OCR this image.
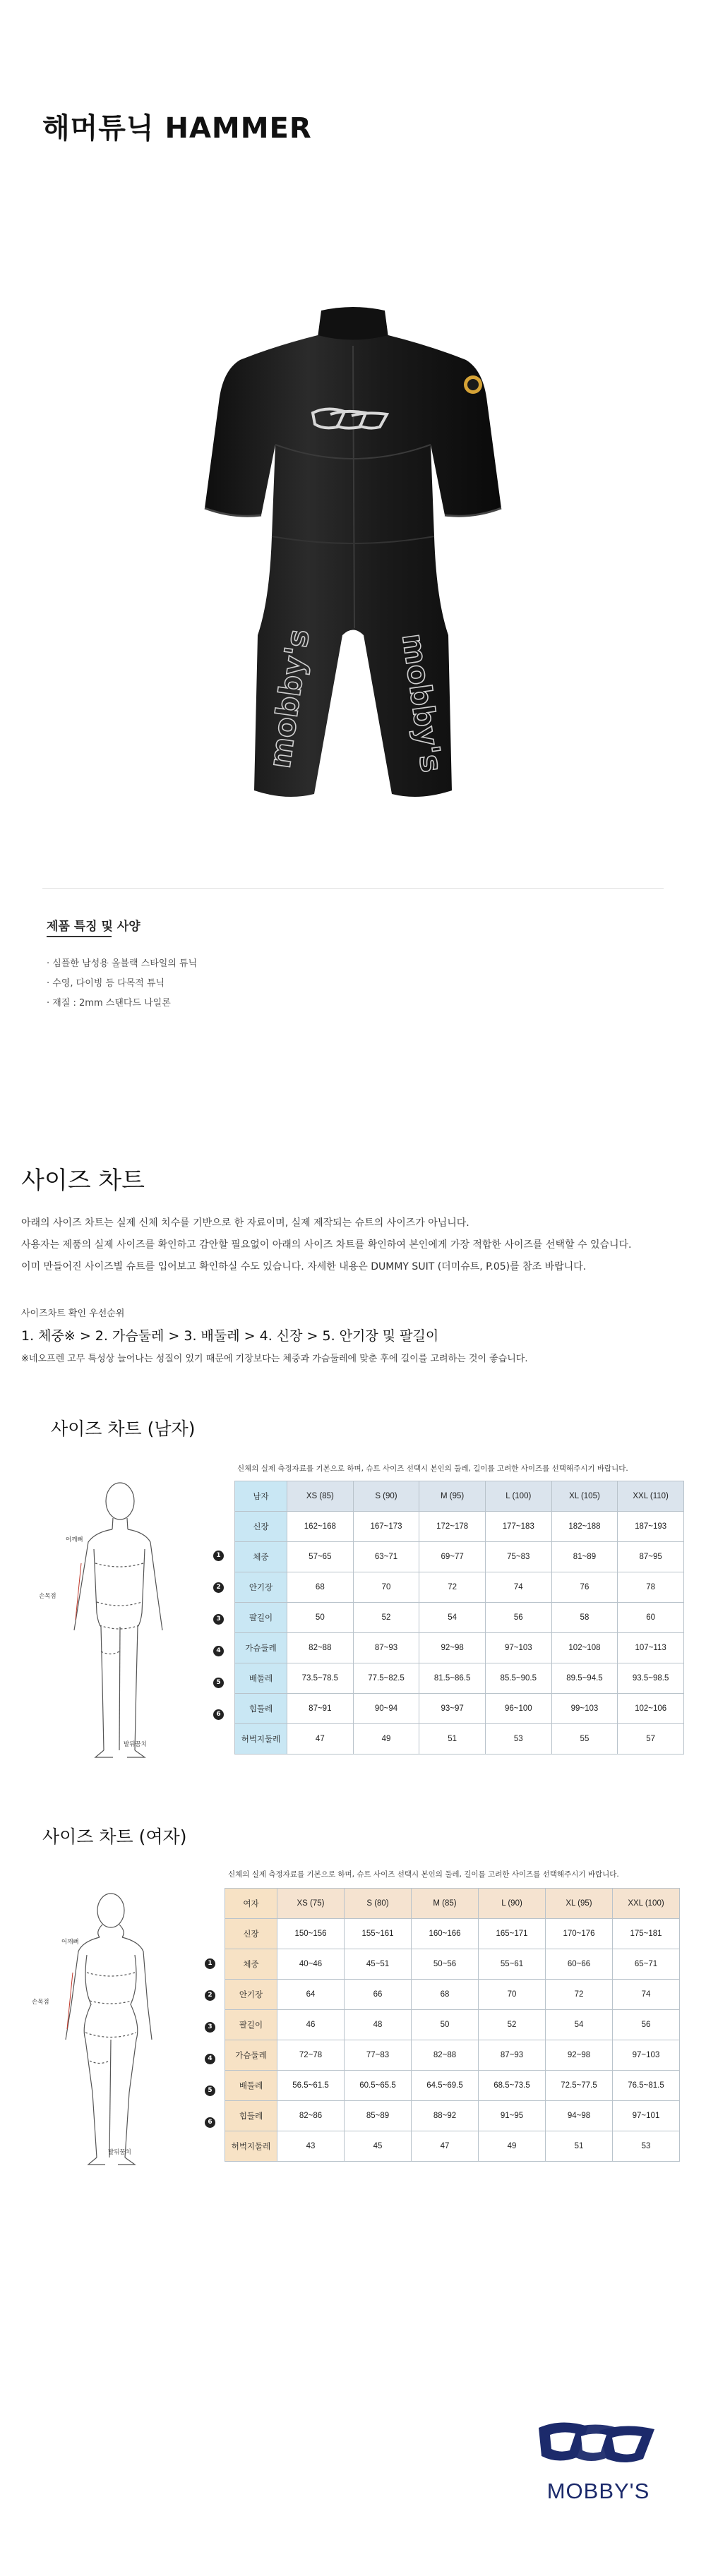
해머튜닉 HAMMER
mobby's	mobby's
제품 특징 및 사양
· 심플한 남성용 올블랙 스타일의 튜닉
· 수영, 다이빙 등 다목적 튜닉
· 재질 : 2mm 스탠다드 나일론
사이즈 차트
아래의 사이즈 차트는 실제 신체 치수를 기반으로 한 자료이며, 실제 제작되는 슈트의 사이즈가 아닙니다.
사용자는 제품의 실제 사이즈를 확인하고 감안할 필요없이 아래의 사이즈 차트를 확인하여 본인에게 가장 적합한 사이즈를 선택할 수 있습니다.
이미 만들어진 사이즈별 슈트를 입어보고 확인하실 수도 있습니다. 자세한 내용은 DUMMY SUIT (더미슈트, P.05)를 참조 바랍니다.
사이즈차트 확인 우선순위
1. 체중※ > 2. 가슴둘레 > 3. 배둘레 > 4. 신장 > 5. 안기장 및 팔길이
※네오프렌 고무 특성상 늘어나는 성질이 있기 때문에 기장보다는 체중과 가슴둘레에 맞춘 후에 길이를 고려하는 것이 좋습니다.
사이즈 차트 (남자)
신체의 실제 측정자료를 기본으로 하며, 슈트 사이즈 선택시 본인의 둘레, 길이를 고려한 사이즈를 선택해주시기 바랍니다.
어깨뼈
손목점
발뒤꿈치
1
2
3
4
5
6
남자	XS (85)	S (90)	M (95)	L (100)	XL (105)	XXL (110)
신장	162~168	167~173	172~178	177~183	182~188	187~193
체중	57~65	63~71	69~77	75~83	81~89	87~95
안기장	68	70	72	74	76	78
팔길이	50	52	54	56	58	60
가슴둘레	82~88	87~93	92~98	97~103	102~108	107~113
배둘레	73.5~78.5	77.5~82.5	81.5~86.5	85.5~90.5	89.5~94.5	93.5~98.5
힙둘레	87~91	90~94	93~97	96~100	99~103	102~106
허벅지둘레	47	49	51	53	55	57
사이즈 차트 (여자)
신체의 실제 측정자료를 기본으로 하며, 슈트 사이즈 선택시 본인의 둘레, 길이를 고려한 사이즈를 선택해주시기 바랍니다.
어깨뼈
손목점
발뒤꿈치
1
2
3
4
5
6
여자	XS (75)	S (80)	M (85)	L (90)	XL (95)	XXL (100)
신장	150~156	155~161	160~166	165~171	170~176	175~181
체중	40~46	45~51	50~56	55~61	60~66	65~71
안기장	64	66	68	70	72	74
팔길이	46	48	50	52	54	56
가슴둘레	72~78	77~83	82~88	87~93	92~98	97~103
배둘레	56.5~61.5	60.5~65.5	64.5~69.5	68.5~73.5	72.5~77.5	76.5~81.5
힙둘레	82~86	85~89	88~92	91~95	94~98	97~101
허벅지둘레	43	45	47	49	51	53
MOBBY'S
